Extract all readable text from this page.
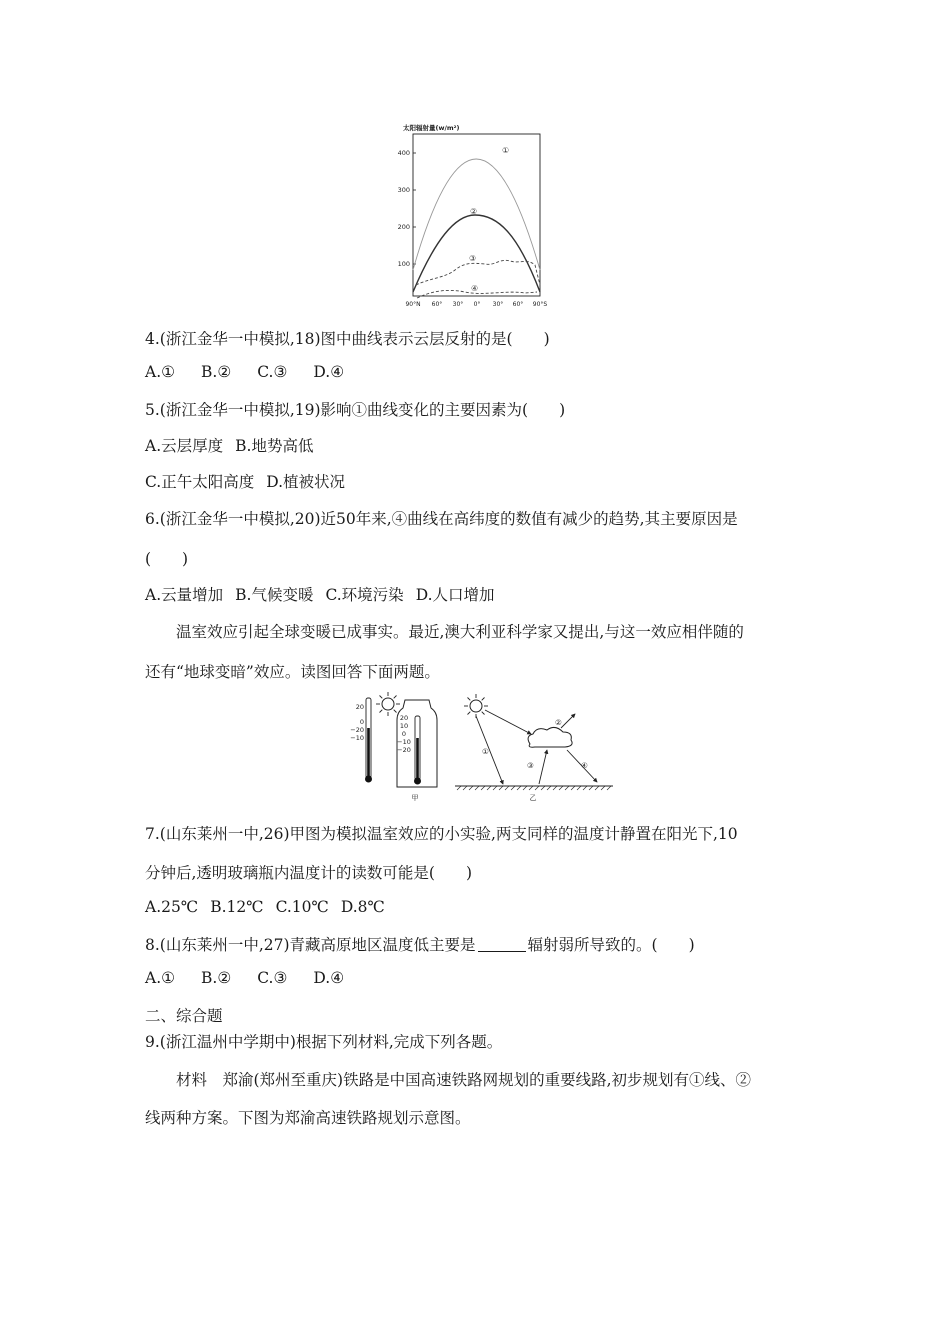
太阳辐射量(w/m²)
400
300
200
100
90°N 60° 30° 0° 30° 60° 90°S
①
②
③
④
4.(浙江金华一中模拟,18)图中曲线表示云层反射的是(　　)
A.① B.② C.③ D.④
5.(浙江金华一中模拟,19)影响①曲线变化的主要因素为(　　)
A.云层厚度 B.地势高低
C.正午太阳高度 D.植被状况
6.(浙江金华一中模拟,20)近50年来,④曲线在高纬度的数值有减少的趋势,其主要原因是
(　　)
A.云量增加 B.气候变暖 C.环境污染 D.人口增加
温室效应引起全球变暖已成事实。最近,澳大利亚科学家又提出,与这一效应相伴随的
还有“地球变暗”效应。读图回答下面两题。
20
0
−20
−10
20
10
0
−10
−20
甲
①
②
③	④
乙
7.(山东莱州一中,26)甲图为模拟温室效应的小实验,两支同样的温度计静置在阳光下,10
分钟后,透明玻璃瓶内温度计的读数可能是(　　)
A.25℃ B.12℃ C.10℃ D.8℃
8.(山东莱州一中,27)青藏高原地区温度低主要是	辐射弱所导致的。(　　)
A.① B.② C.③ D.④
二、综合题
9.(浙江温州中学期中)根据下列材料,完成下列各题。
材料　郑渝(郑州至重庆)铁路是中国高速铁路网规划的重要线路,初步规划有①线、②
线两种方案。下图为郑渝高速铁路规划示意图。
